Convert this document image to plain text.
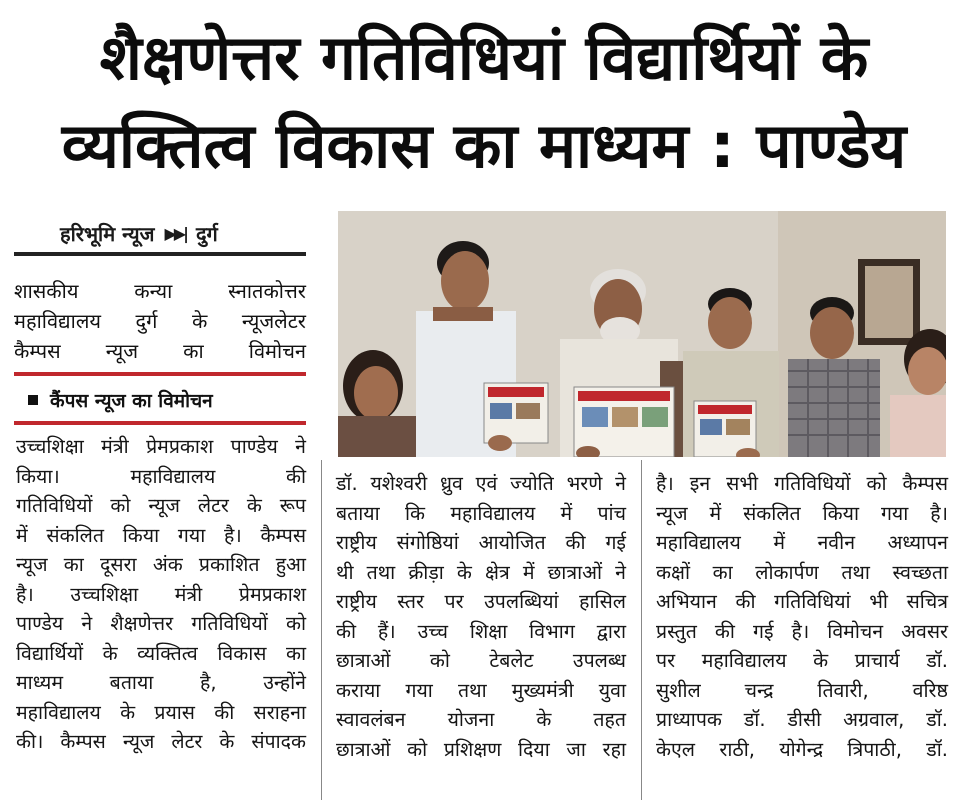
शैक्षणेत्तर गतिविधियां विद्यार्थियों के
व्यक्तित्व विकास का माध्यम : पाण्डेय
हरिभूमि न्यूज ▶▶| दुर्ग
शासकीय कन्या स्नातकोत्तर
महाविद्यालय दुर्ग के न्यूजलेटर
कैम्पस न्यूज का विमोचन
कैंपस न्यूज का विमोचन
उच्चशिक्षा मंत्री प्रेमप्रकाश पाण्डेय ने
किया। महाविद्यालय की
गतिविधियों को न्यूज लेटर के रूप
में संकलित किया गया है। कैम्पस
न्यूज का दूसरा अंक प्रकाशित हुआ
है। उच्चशिक्षा मंत्री प्रेमप्रकाश
पाण्डेय ने शैक्षणेत्तर गतिविधियों को
विद्यार्थियों के व्यक्तित्व विकास का
माध्यम बताया है, उन्होंने
महाविद्यालय के प्रयास की सराहना
की। कैम्पस न्यूज लेटर के संपादक
डॉ. यशेश्वरी ध्रुव एवं ज्योति भरणे ने
बताया कि महाविद्यालय में पांच
राष्ट्रीय संगोष्ठियां आयोजित की गई
थी तथा क्रीड़ा के क्षेत्र में छात्राओं ने
राष्ट्रीय स्तर पर उपलब्धियां हासिल
की हैं। उच्च शिक्षा विभाग द्वारा
छात्राओं को टेबलेट उपलब्ध
कराया गया तथा मुख्यमंत्री युवा
स्वावलंबन योजना के तहत
छात्राओं को प्रशिक्षण दिया जा रहा
है। इन सभी गतिविधियों को कैम्पस
न्यूज में संकलित किया गया है।
महाविद्यालय में नवीन अध्यापन
कक्षों का लोकार्पण तथा स्वच्छता
अभियान की गतिविधियां भी सचित्र
प्रस्तुत की गई है। विमोचन अवसर
पर महाविद्यालय के प्राचार्य डॉ.
सुशील चन्द्र तिवारी, वरिष्ठ
प्राध्यापक डॉ. डीसी अग्रवाल, डॉ.
केएल राठी, योगेन्द्र त्रिपाठी, डॉ.
